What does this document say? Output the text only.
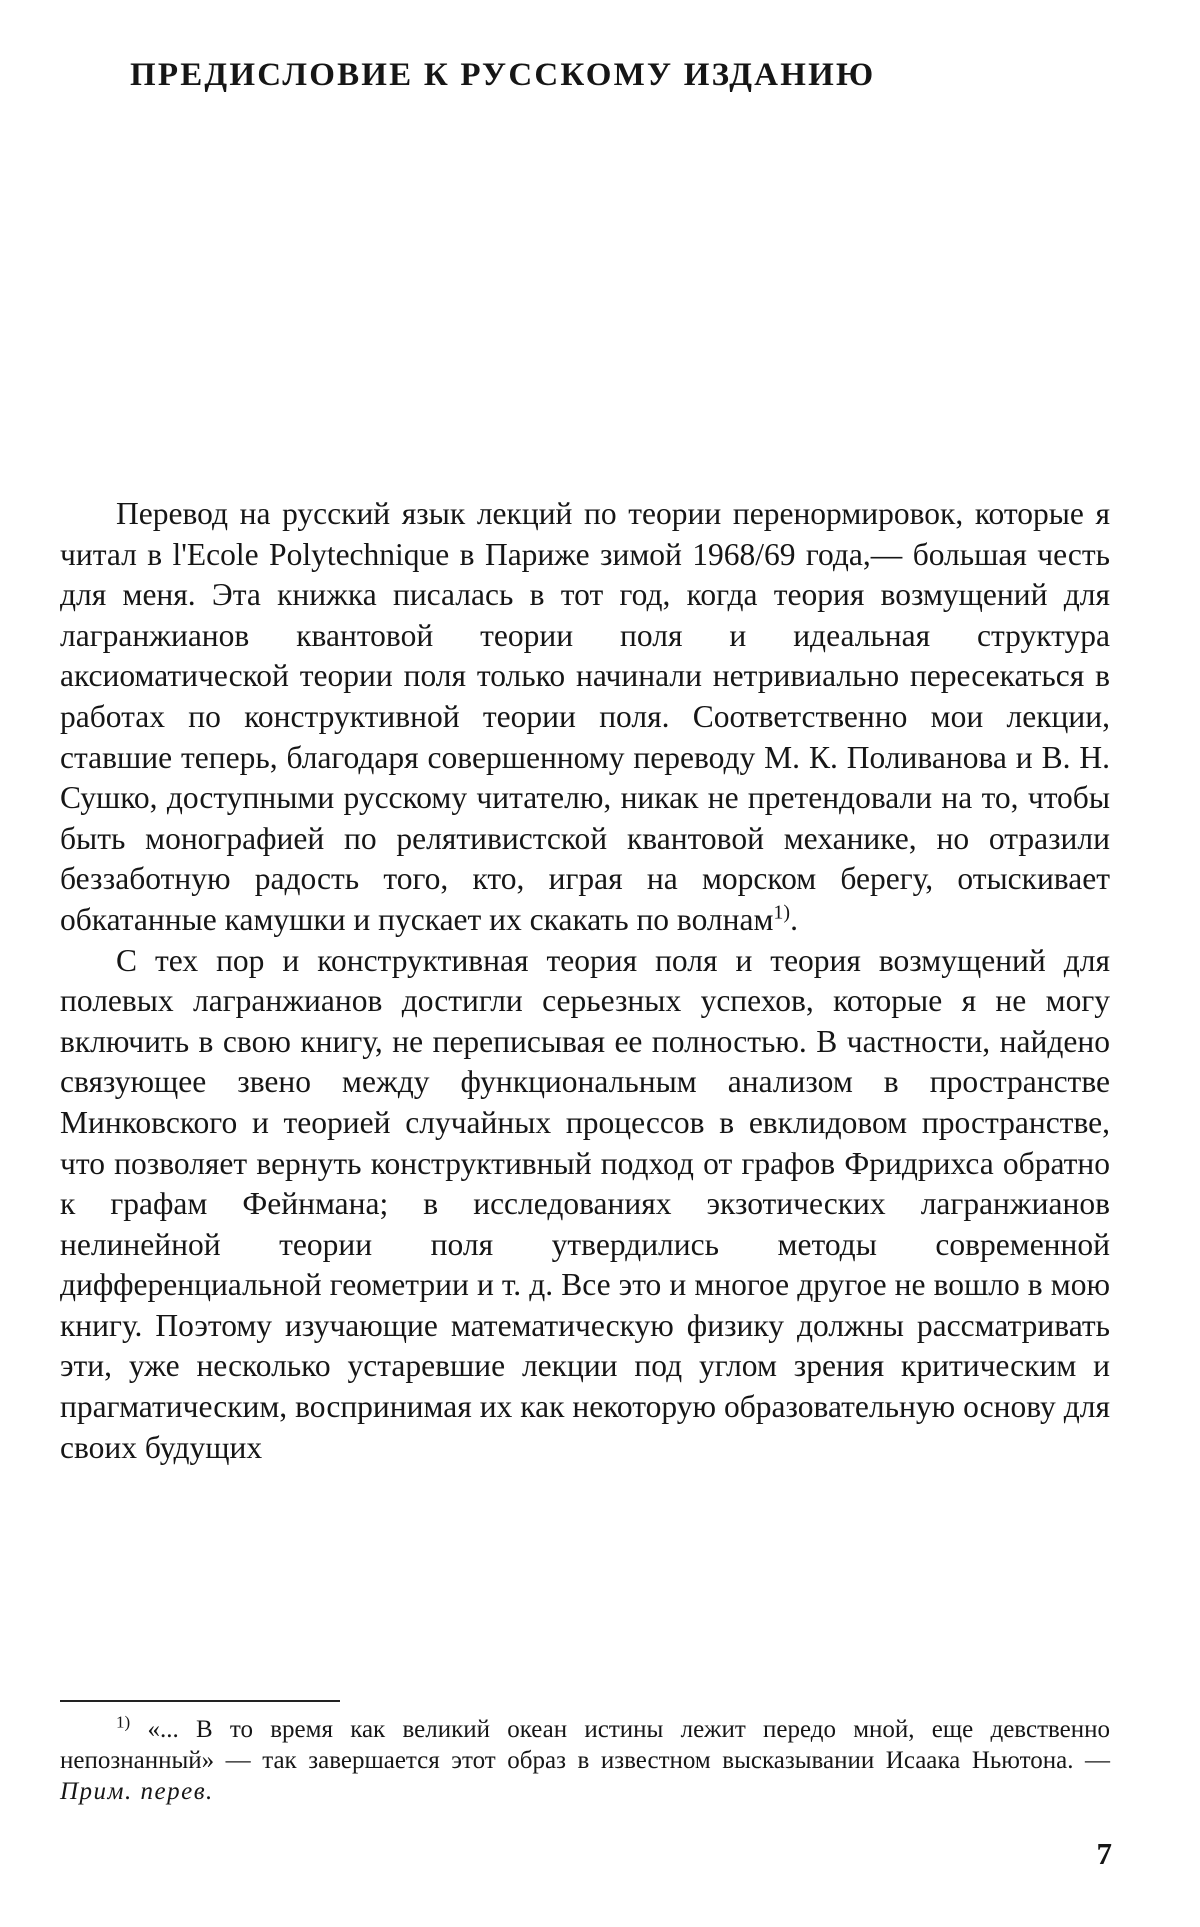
ПРЕДИСЛОВИЕ К РУССКОМУ ИЗДАНИЮ

Перевод на русский язык лекций по теории перенормировок, которые я читал в l'Ecole Polytechnique в Париже зимой 1968/69 года,— большая честь для меня. Эта книжка писалась в тот год, когда теория возмущений для лагранжианов квантовой теории поля и идеальная структура аксиоматической теории поля только начинали нетривиально пересекаться в работах по конструктивной теории поля. Соответственно мои лекции, ставшие теперь, благодаря совершенному переводу М. К. Поливанова и В. Н. Сушко, доступными русскому читателю, никак не претендовали на то, чтобы быть монографией по релятивистской квантовой механике, но отразили беззаботную радость того, кто, играя на морском берегу, отыскивает обкатанные камушки и пускает их скакать по волнам$^{1)}$.

С тех пор и конструктивная теория поля и теория возмущений для полевых лагранжианов достигли серьезных успехов, которые я не могу включить в свою книгу, не переписывая ее полностью. В частности, найдено связующее звено между функциональным анализом в пространстве Минковского и теорией случайных процессов в евклидовом пространстве, что позволяет вернуть конструктивный подход от графов Фридрихса обратно к графам Фейнмана; в исследованиях экзотических лагранжианов нелинейной теории поля утвердились методы современной дифференциальной геометрии и т. д. Все это и многое другое не вошло в мою книгу. Поэтому изучающие математическую физику должны рассматривать эти, уже несколько устаревшие лекции под углом зрения критическим и прагматическим, воспринимая их как некоторую образовательную основу для своих будущих

$^{1)}$ «... В то время как великий океан истины лежит передо мной, еще девственно непознанный» — так завершается этот образ в известном высказывании Исаака Ньютона. — Прим. перев.

7
